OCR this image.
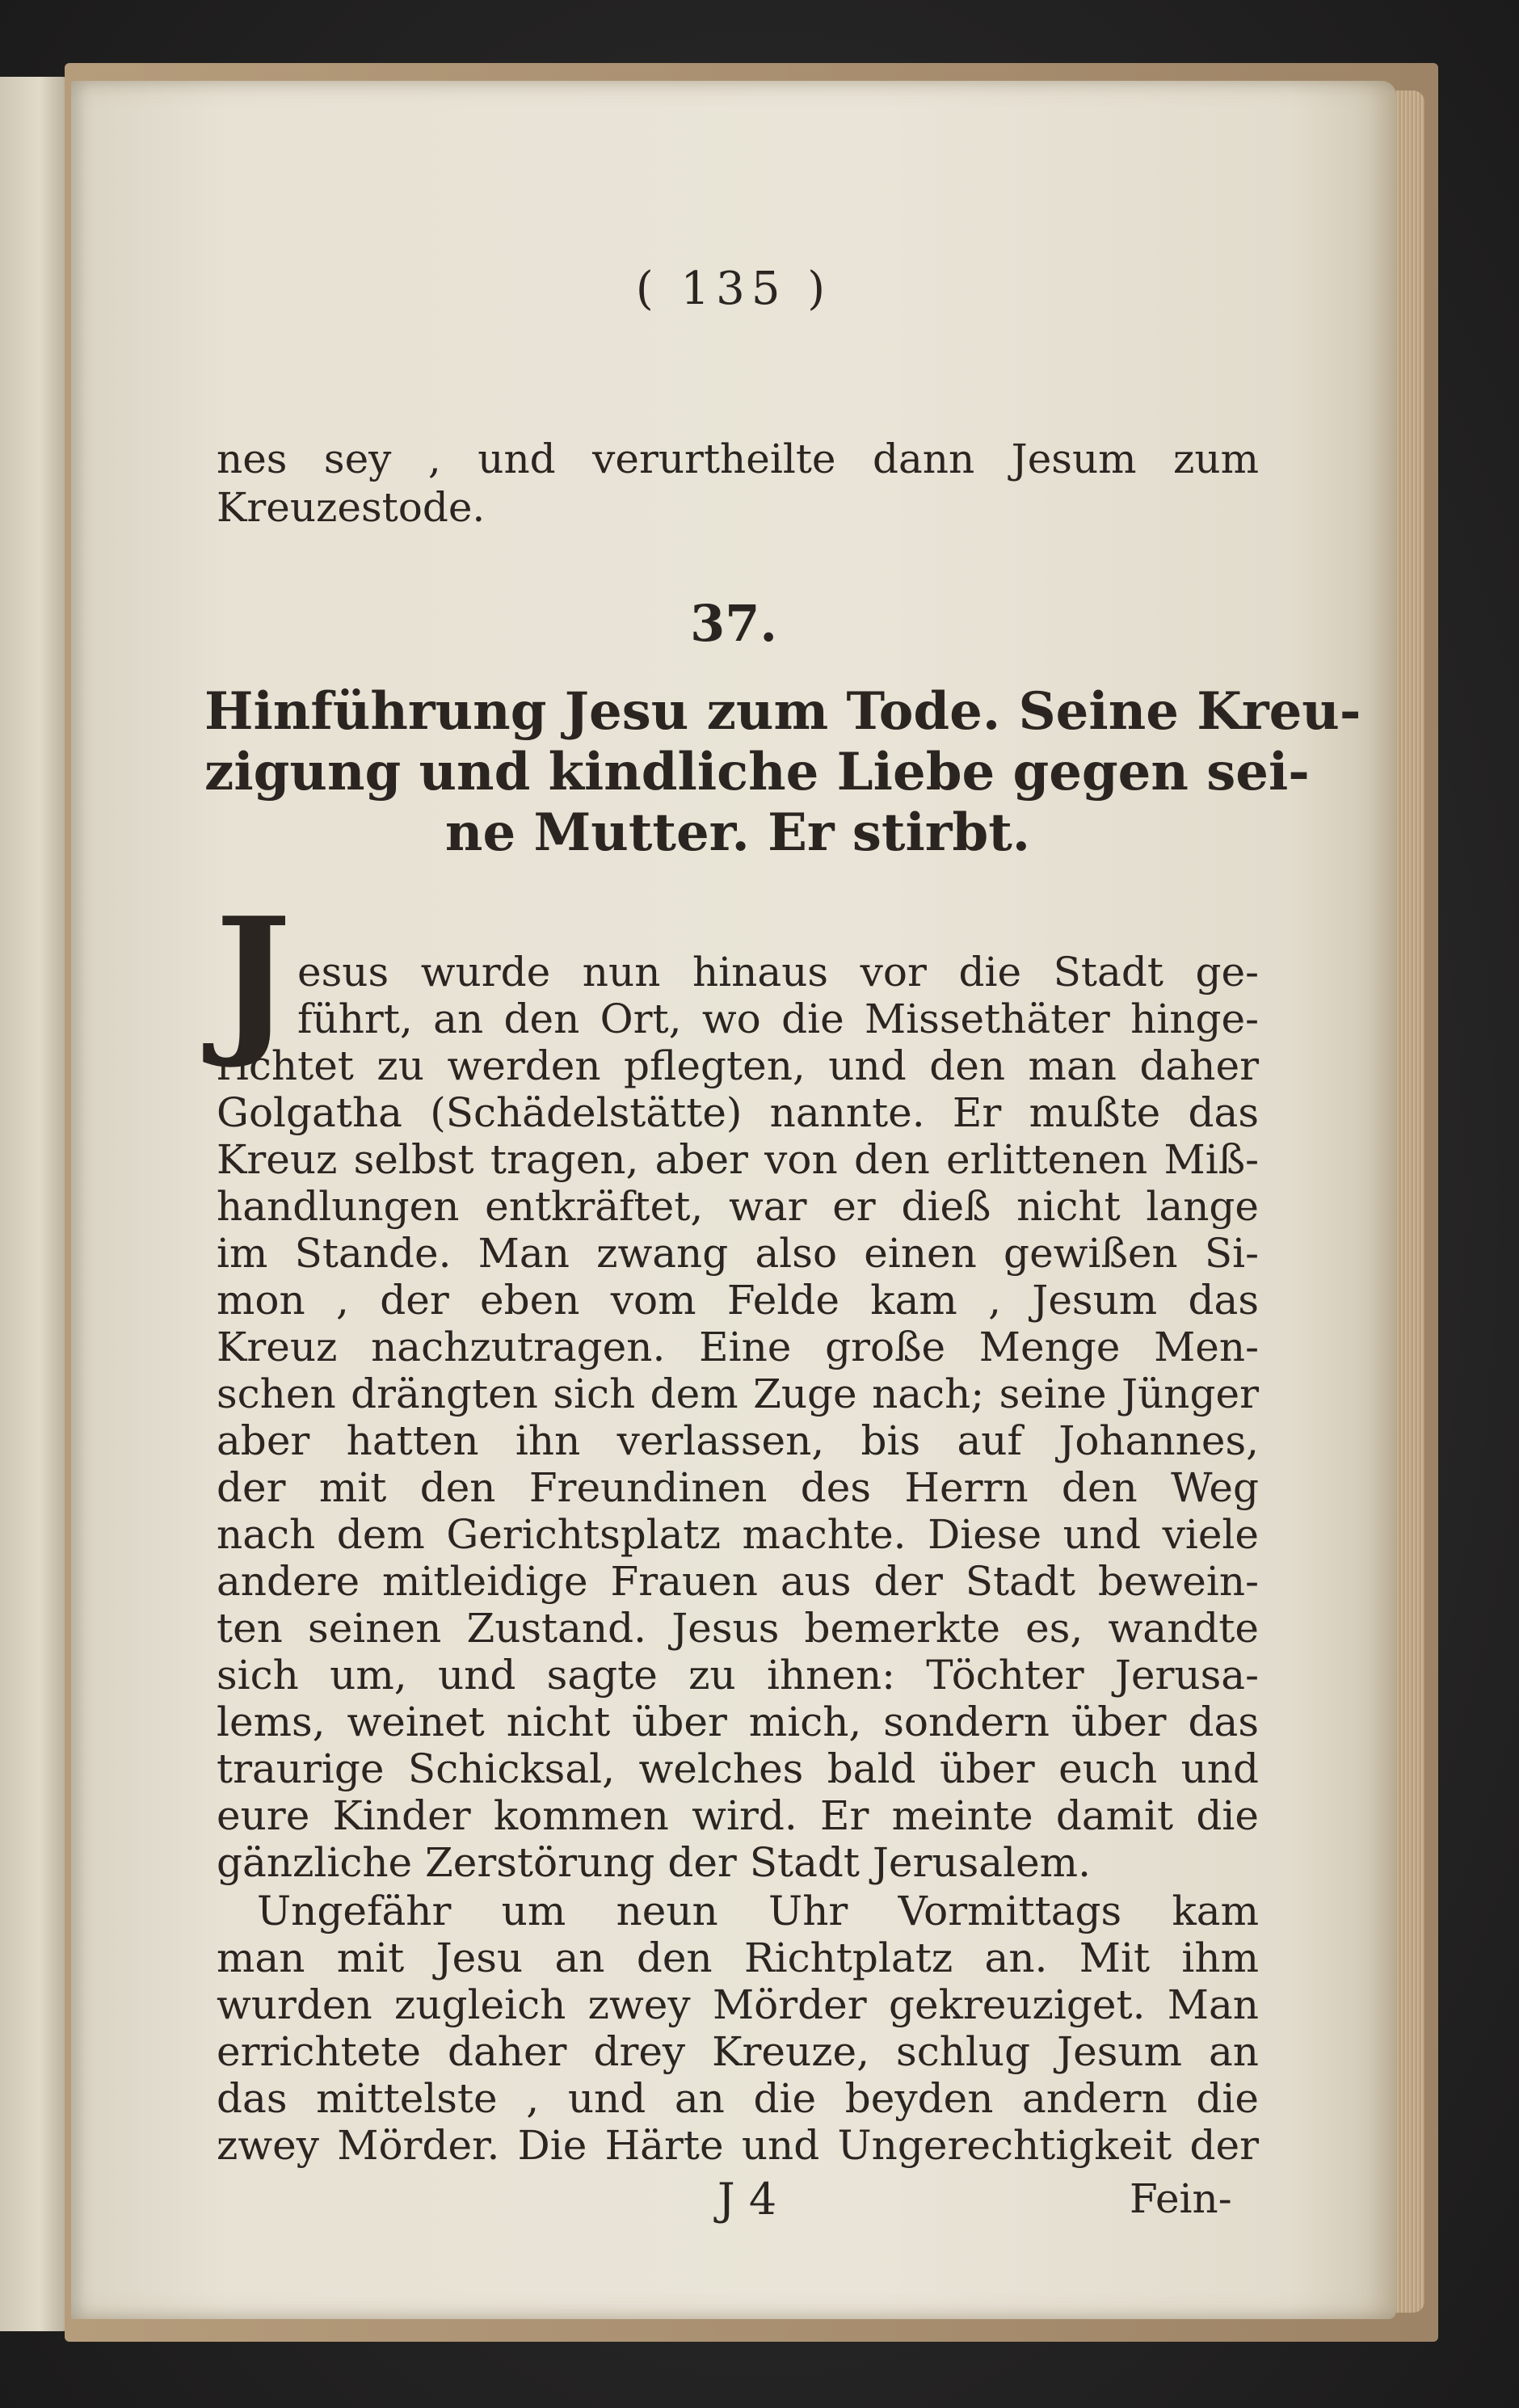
( 135 )
nes sey , und verurtheilte dann Jesum zum
Kreuzestode.
37.
Hinführung Jesu zum Tode. Seine Kreu-
zigung und kindliche Liebe gegen sei-
ne Mutter. Er stirbt.
J esus wurde nun hinaus vor die Stadt ge-
führt, an den Ort, wo die Missethäter hinge-
richtet zu werden pflegten, und den man daher
Golgatha (Schädelstätte) nannte. Er mußte das
Kreuz selbst tragen, aber von den erlittenen Miß-
handlungen entkräftet, war er dieß nicht lange
im Stande. Man zwang also einen gewißen Si-
mon , der eben vom Felde kam , Jesum das
Kreuz nachzutragen. Eine große Menge Men-
schen drängten sich dem Zuge nach; seine Jünger
aber hatten ihn verlassen, bis auf Johannes,
der mit den Freundinen des Herrn den Weg
nach dem Gerichtsplatz machte. Diese und viele
andere mitleidige Frauen aus der Stadt bewein-
ten seinen Zustand. Jesus bemerkte es, wandte
sich um, und sagte zu ihnen: Töchter Jerusa-
lems, weinet nicht über mich, sondern über das
traurige Schicksal, welches bald über euch und
eure Kinder kommen wird. Er meinte damit die
gänzliche Zerstörung der Stadt Jerusalem.
Ungefähr um neun Uhr Vormittags kam
man mit Jesu an den Richtplatz an. Mit ihm
wurden zugleich zwey Mörder gekreuziget. Man
errichtete daher drey Kreuze, schlug Jesum an
das mittelste , und an die beyden andern die
zwey Mörder. Die Härte und Ungerechtigkeit der
J 4	Fein-
